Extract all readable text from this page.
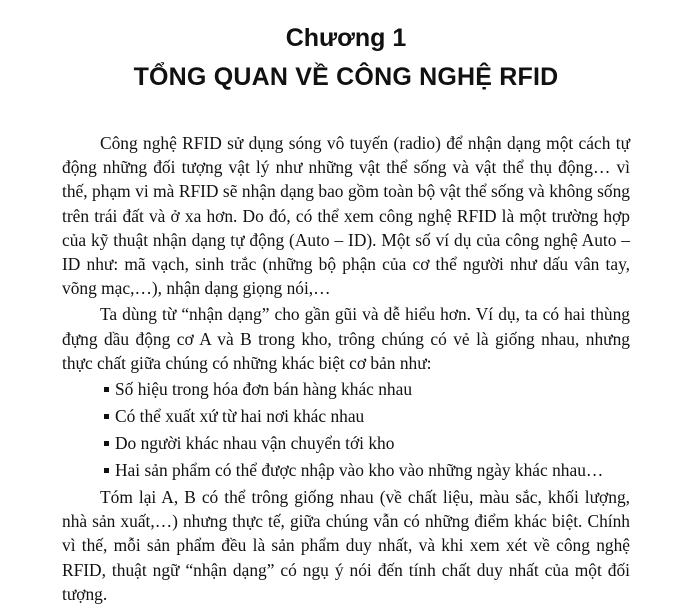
Chương 1
TỔNG QUAN VỀ CÔNG NGHỆ RFID

Công nghệ RFID sử dụng sóng vô tuyến (radio) để nhận dạng một cách tự động những đối tượng vật lý như những vật thể sống và vật thể thụ động… vì thế, phạm vi mà RFID sẽ nhận dạng bao gồm toàn bộ vật thể sống và không sống trên trái đất và ở xa hơn. Do đó, có thể xem công nghệ RFID là một trường hợp của kỹ thuật nhận dạng tự động (Auto – ID). Một số ví dụ của công nghệ Auto – ID như: mã vạch, sinh trắc (những bộ phận của cơ thể người như dấu vân tay, võng mạc,…), nhận dạng giọng nói,…

Ta dùng từ “nhận dạng” cho gần gũi và dễ hiểu hơn. Ví dụ, ta có hai thùng đựng dầu động cơ A và B trong kho, trông chúng có vẻ là giống nhau, nhưng thực chất giữa chúng có những khác biệt cơ bản như:

Số hiệu trong hóa đơn bán hàng khác nhau
Có thể xuất xứ từ hai nơi khác nhau
Do người khác nhau vận chuyển tới kho
Hai sản phẩm có thể được nhập vào kho vào những ngày khác nhau…

Tóm lại A, B có thể trông giống nhau (về chất liệu, màu sắc, khối lượng, nhà sản xuất,…) nhưng thực tế, giữa chúng vẫn có những điểm khác biệt. Chính vì thế, mỗi sản phẩm đều là sản phẩm duy nhất, và khi xem xét về công nghệ RFID, thuật ngữ “nhận dạng” có ngụ ý nói đến tính chất duy nhất của một đối tượng.
